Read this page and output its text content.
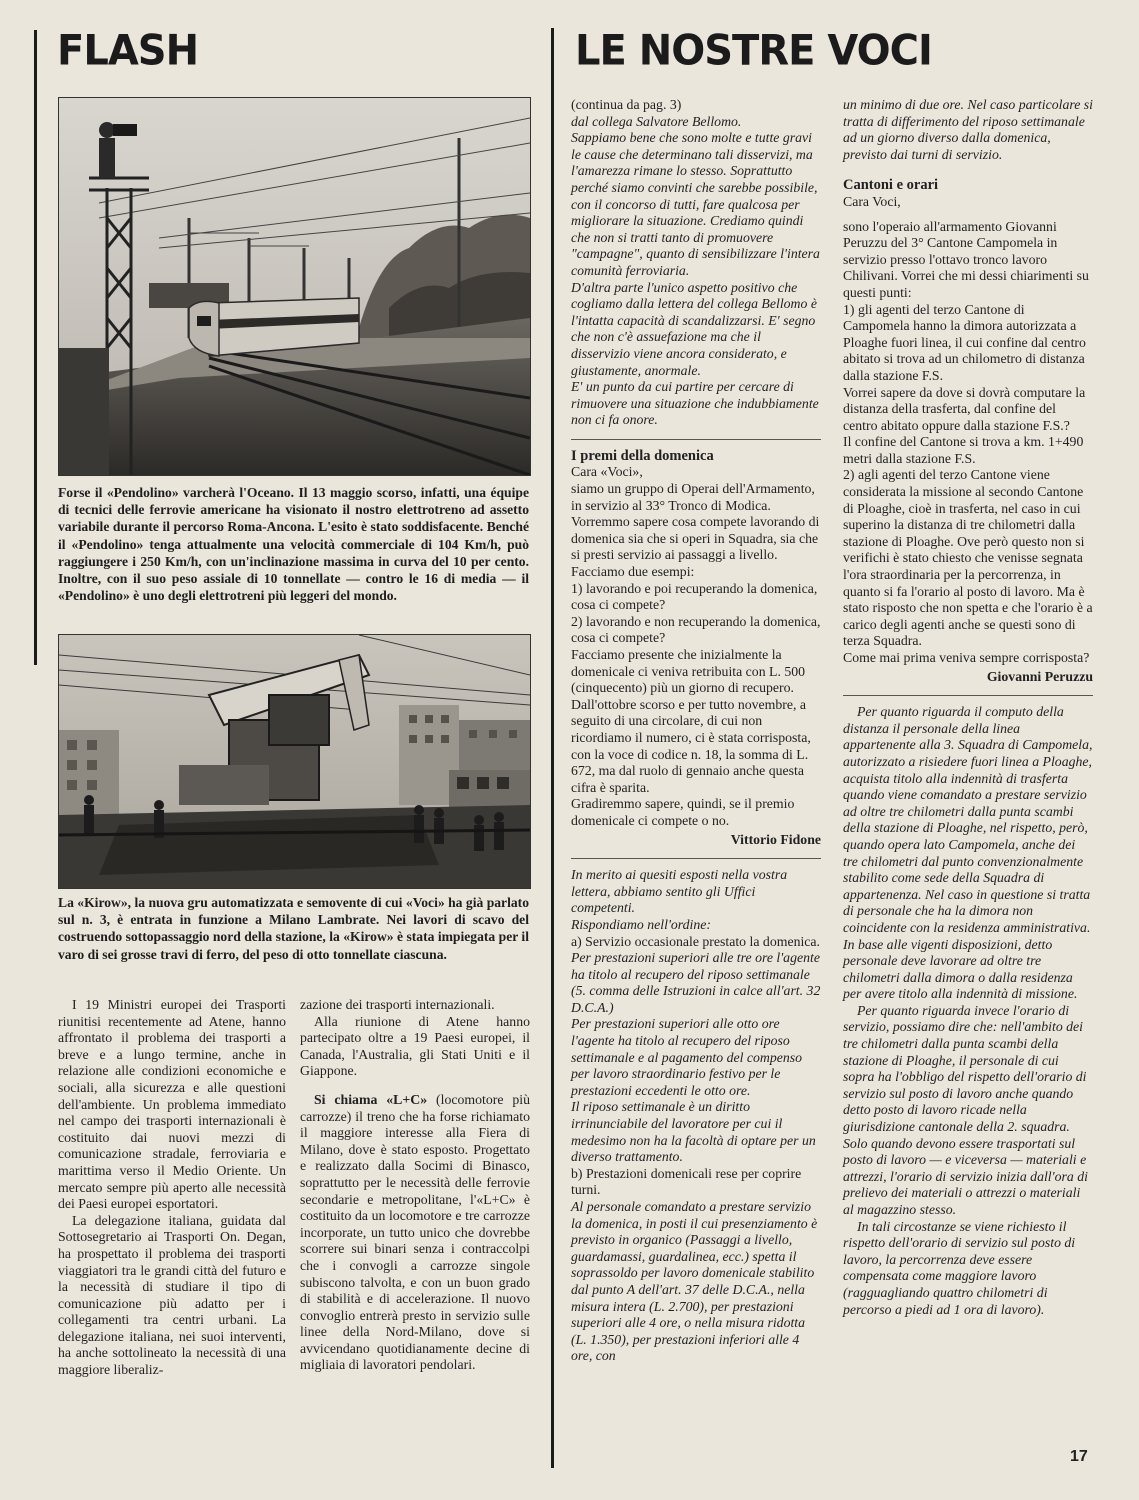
FLASH	LE NOSTRE VOCI
Forse il «Pendolino» varcherà l'Oceano. Il 13 maggio scorso, infatti, una équipe di tecnici delle ferrovie americane ha visionato il nostro elettrotreno ad assetto variabile durante il percorso Roma-Ancona. L'esito è stato soddisfacente. Benché il «Pendolino» tenga attualmente una velocità commerciale di 104 Km/h, può raggiungere i 250 Km/h, con un'inclinazione massima in curva del 10 per cento. Inoltre, con il suo peso assiale di 10 tonnellate — contro le 16 di media — il «Pendolino» è uno degli elettrotreni più leggeri del mondo.
La «Kirow», la nuova gru automatizzata e semovente di cui «Voci» ha già parlato sul n. 3, è entrata in funzione a Milano Lambrate. Nei lavori di scavo del costruendo sottopassaggio nord della stazione, la «Kirow» è stata impiegata per il varo di sei grosse travi di ferro, del peso di otto tonnellate ciascuna.

I 19 Ministri europei dei Trasporti riunitisi recentemente ad Atene, hanno affrontato il problema dei trasporti a breve e a lungo termine, anche in relazione alle condizioni economiche e sociali, alla sicurezza e alle questioni dell'ambiente. Un problema immediato nel campo dei trasporti internazionali è costituito dai nuovi mezzi di comunicazione stradale, ferroviaria e marittima verso il Medio Oriente. Un mercato sempre più aperto alle necessità dei Paesi europei esportatori.

La delegazione italiana, guidata dal Sottosegretario ai Trasporti On. Degan, ha prospettato il problema dei trasporti viaggiatori tra le grandi città del futuro e la necessità di studiare il tipo di comunicazione più adatto per i collegamenti tra centri urbani. La delegazione italiana, nei suoi interventi, ha anche sottolineato la necessità di una maggiore liberaliz-

zazione dei trasporti internazionali.

Alla riunione di Atene hanno partecipato oltre a 19 Paesi europei, il Canada, l'Australia, gli Stati Uniti e il Giappone.

Si chiama «L+C» (locomotore più carrozze) il treno che ha forse richiamato il maggiore interesse alla Fiera di Milano, dove è stato esposto. Progettato e realizzato dalla Socimi di Binasco, soprattutto per le necessità delle ferrovie secondarie e metropolitane, l'«L+C» è costituito da un locomotore e tre carrozze incorporate, un tutto unico che dovrebbe scorrere sui binari senza i contraccolpi che i convogli a carrozze singole subiscono talvolta, e con un buon grado di stabilità e di accelerazione. Il nuovo convoglio entrerà presto in servizio sulle linee della Nord-Milano, dove si avvicendano quotidianamente decine di migliaia di lavoratori pendolari.

(continua da pag. 3)

dal collega Salvatore Bellomo.

Sappiamo bene che sono molte e tutte gravi le cause che determinano tali disservizi, ma l'amarezza rimane lo stesso. Soprattutto perché siamo convinti che sarebbe possibile, con il concorso di tutti, fare qualcosa per migliorare la situazione. Crediamo quindi che non si tratti tanto di promuovere "campagne", quanto di sensibilizzare l'intera comunità ferroviaria.

D'altra parte l'unico aspetto positivo che cogliamo dalla lettera del collega Bellomo è l'intatta capacità di scandalizzarsi. E' segno che non c'è assuefazione ma che il disservizio viene ancora considerato, e giustamente, anormale.

E' un punto da cui partire per cercare di rimuovere una situazione che indubbiamente non ci fa onore.

I premi della domenica

Cara «Voci»,

siamo un gruppo di Operai dell'Armamento, in servizio al 33° Tronco di Modica.

Vorremmo sapere cosa compete lavorando di domenica sia che si operi in Squadra, sia che si presti servizio ai passaggi a livello. Facciamo due esempi:

1) lavorando e poi recuperando la domenica, cosa ci compete?

2) lavorando e non recuperando la domenica, cosa ci compete?

Facciamo presente che inizialmente la domenicale ci veniva retribuita con L. 500 (cinquecento) più un giorno di recupero. Dall'ottobre scorso e per tutto novembre, a seguito di una circolare, di cui non ricordiamo il numero, ci è stata corrisposta, con la voce di codice n. 18, la somma di L. 672, ma dal ruolo di gennaio anche questa cifra è sparita.

Gradiremmo sapere, quindi, se il premio domenicale ci compete o no.

Vittorio Fidone

In merito ai quesiti esposti nella vostra lettera, abbiamo sentito gli Uffici competenti.

Rispondiamo nell'ordine:

a) Servizio occasionale prestato la domenica.

Per prestazioni superiori alle tre ore l'agente ha titolo al recupero del riposo settimanale (5. comma delle Istruzioni in calce all'art. 32 D.C.A.)

Per prestazioni superiori alle otto ore l'agente ha titolo al recupero del riposo settimanale e al pagamento del compenso per lavoro straordinario festivo per le prestazioni eccedenti le otto ore.

Il riposo settimanale è un diritto irrinunciabile del lavoratore per cui il medesimo non ha la facoltà di optare per un diverso trattamento.

b) Prestazioni domenicali rese per coprire turni.

Al personale comandato a prestare servizio la domenica, in posti il cui presenziamento è previsto in organico (Passaggi a livello, guardamassi, guardalinea, ecc.) spetta il soprassoldo per lavoro domenicale stabilito dal punto A dell'art. 37 delle D.C.A., nella misura intera (L. 2.700), per prestazioni superiori alle 4 ore, o nella misura ridotta (L. 1.350), per prestazioni inferiori alle 4 ore, con

un minimo di due ore. Nel caso particolare si tratta di differimento del riposo settimanale ad un giorno diverso dalla domenica, previsto dai turni di servizio.

Cantoni e orari

Cara Voci,

sono l'operaio all'armamento Giovanni Peruzzu del 3° Cantone Campomela in servizio presso l'ottavo tronco lavoro Chilivani. Vorrei che mi dessi chiarimenti su questi punti:

1) gli agenti del terzo Cantone di Campomela hanno la dimora autorizzata a Ploaghe fuori linea, il cui confine dal centro abitato si trova ad un chilometro di distanza dalla stazione F.S.

Vorrei sapere da dove si dovrà computare la distanza della trasferta, dal confine del centro abitato oppure dalla stazione F.S.?

Il confine del Cantone si trova a km. 1+490 metri dalla stazione F.S.

2) agli agenti del terzo Cantone viene considerata la missione al secondo Cantone di Ploaghe, cioè in trasferta, nel caso in cui superino la distanza di tre chilometri dalla stazione di Ploaghe. Ove però questo non si verifichi è stato chiesto che venisse segnata l'ora straordinaria per la percorrenza, in quanto si fa l'orario al posto di lavoro. Ma è stato risposto che non spetta e che l'orario è a carico degli agenti anche se questi sono di terza Squadra.

Come mai prima veniva sempre corrisposta?

Giovanni Peruzzu

Per quanto riguarda il computo della distanza il personale della linea appartenente alla 3. Squadra di Campomela, autorizzato a risiedere fuori linea a Ploaghe, acquista titolo alla indennità di trasferta quando viene comandato a prestare servizio ad oltre tre chilometri dalla punta scambi della stazione di Ploaghe, nel rispetto, però, quando opera lato Campomela, anche dei tre chilometri dal punto convenzionalmente stabilito come sede della Squadra di appartenenza. Nel caso in questione si tratta di personale che ha la dimora non coincidente con la residenza amministrativa. In base alle vigenti disposizioni, detto personale deve lavorare ad oltre tre chilometri dalla dimora o dalla residenza per avere titolo alla indennità di missione.

Per quanto riguarda invece l'orario di servizio, possiamo dire che: nell'ambito dei tre chilometri dalla punta scambi della stazione di Ploaghe, il personale di cui sopra ha l'obbligo del rispetto dell'orario di servizio sul posto di lavoro anche quando detto posto di lavoro ricade nella giurisdizione cantonale della 2. squadra. Solo quando devono essere trasportati sul posto di lavoro — e viceversa — materiali e attrezzi, l'orario di servizio inizia dall'ora di prelievo dei materiali o attrezzi o materiali al magazzino stesso.

In tali circostanze se viene richiesto il rispetto dell'orario di servizio sul posto di lavoro, la percorrenza deve essere compensata come maggiore lavoro (ragguagliando quattro chilometri di percorso a piedi ad 1 ora di lavoro).

17
